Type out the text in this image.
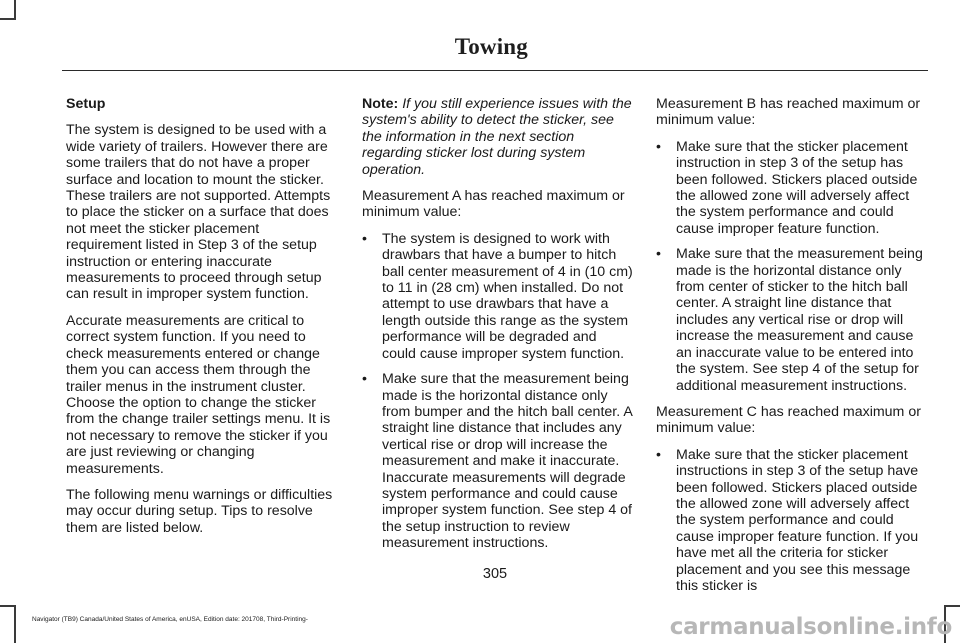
Towing

Setup

The system is designed to be used with a wide variety of trailers. However there are some trailers that do not have a proper surface and location to mount the sticker. These trailers are not supported. Attempts to place the sticker on a surface that does not meet the sticker placement requirement listed in Step 3 of the setup instruction or entering inaccurate measurements to proceed through setup can result in improper system function.

Accurate measurements are critical to correct system function. If you need to check measurements entered or change them you can access them through the trailer menus in the instrument cluster. Choose the option to change the sticker from the change trailer settings menu. It is not necessary to remove the sticker if you are just reviewing or changing measurements.

The following menu warnings or difficulties may occur during setup. Tips to resolve them are listed below.

Note: If you still experience issues with the system's ability to detect the sticker, see the information in the next section regarding sticker lost during system operation.

Measurement A has reached maximum or minimum value:

• The system is designed to work with drawbars that have a bumper to hitch ball center measurement of 4 in (10 cm) to 11 in (28 cm) when installed. Do not attempt to use drawbars that have a length outside this range as the system performance will be degraded and could cause improper system function.
• Make sure that the measurement being made is the horizontal distance only from bumper and the hitch ball center. A straight line distance that includes any vertical rise or drop will increase the measurement and make it inaccurate. Inaccurate measurements will degrade system performance and could cause improper system function. See step 4 of the setup instruction to review measurement instructions.

Measurement B has reached maximum or minimum value:

• Make sure that the sticker placement instruction in step 3 of the setup has been followed. Stickers placed outside the allowed zone will adversely affect the system performance and could cause improper feature function.
• Make sure that the measurement being made is the horizontal distance only from center of sticker to the hitch ball center. A straight line distance that includes any vertical rise or drop will increase the measurement and cause an inaccurate value to be entered into the system. See step 4 of the setup for additional measurement instructions.

Measurement C has reached maximum or minimum value:

• Make sure that the sticker placement instructions in step 3 of the setup have been followed. Stickers placed outside the allowed zone will adversely affect the system performance and could cause improper feature function. If you have met all the criteria for sticker placement and you see this message this sticker is
305
Navigator (TB9) Canada/United States of America, enUSA, Edition date: 201708, Third-Printing-	carmanualsonline.info
